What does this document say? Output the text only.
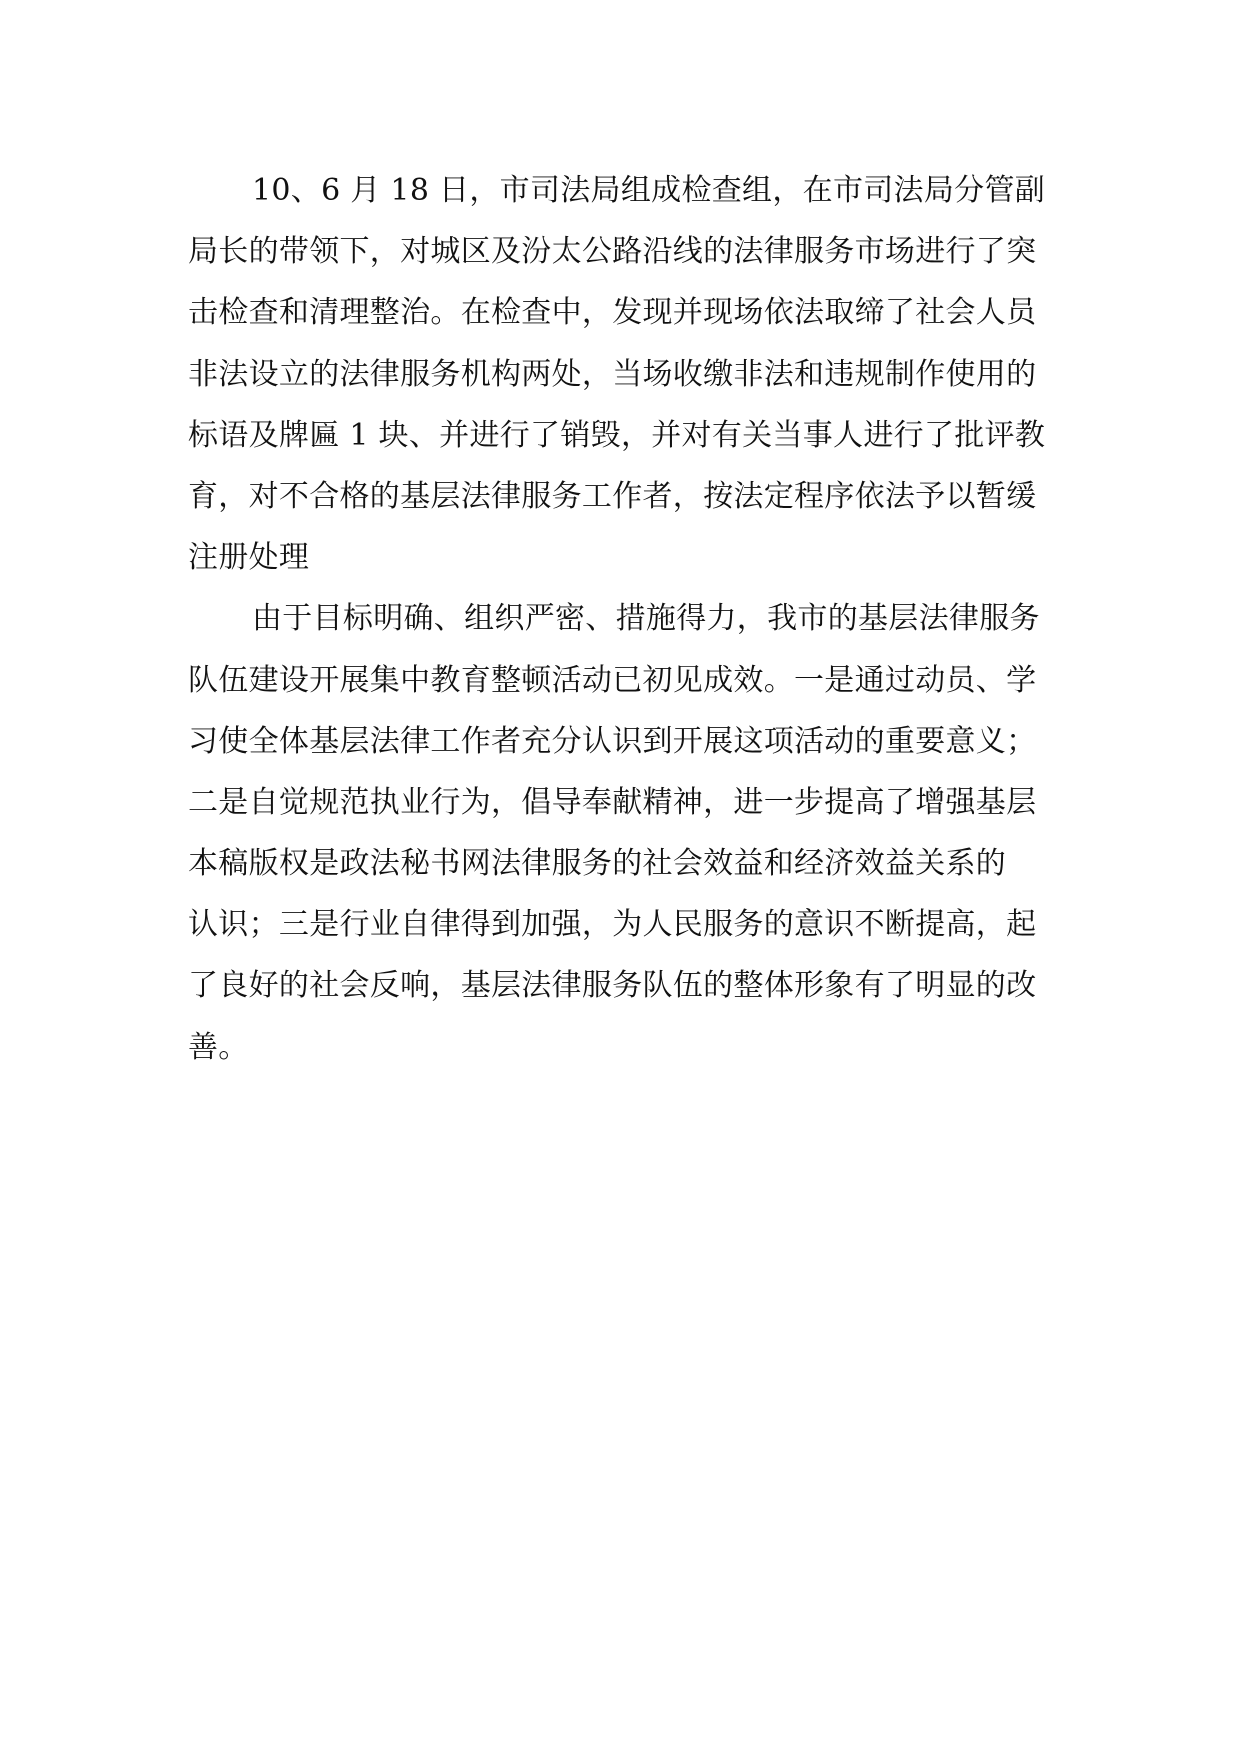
10、6 月 18 日，市司法局组成检查组，在市司法局分管副
局长的带领下，对城区及汾太公路沿线的法律服务市场进行了突
击检查和清理整治。在检查中，发现并现场依法取缔了社会人员
非法设立的法律服务机构两处，当场收缴非法和违规制作使用的
标语及牌匾 1 块、并进行了销毁，并对有关当事人进行了批评教
育，对不合格的基层法律服务工作者，按法定程序依法予以暂缓
注册处理
由于目标明确、组织严密、措施得力，我市的基层法律服务
队伍建设开展集中教育整顿活动已初见成效。一是通过动员、学
习使全体基层法律工作者充分认识到开展这项活动的重要意义；
二是自觉规范执业行为，倡导奉献精神，进一步提高了增强基层
本稿版权是政法秘书网法律服务的社会效益和经济效益关系的
认识；三是行业自律得到加强，为人民服务的意识不断提高，起
了良好的社会反响，基层法律服务队伍的整体形象有了明显的改
善。
